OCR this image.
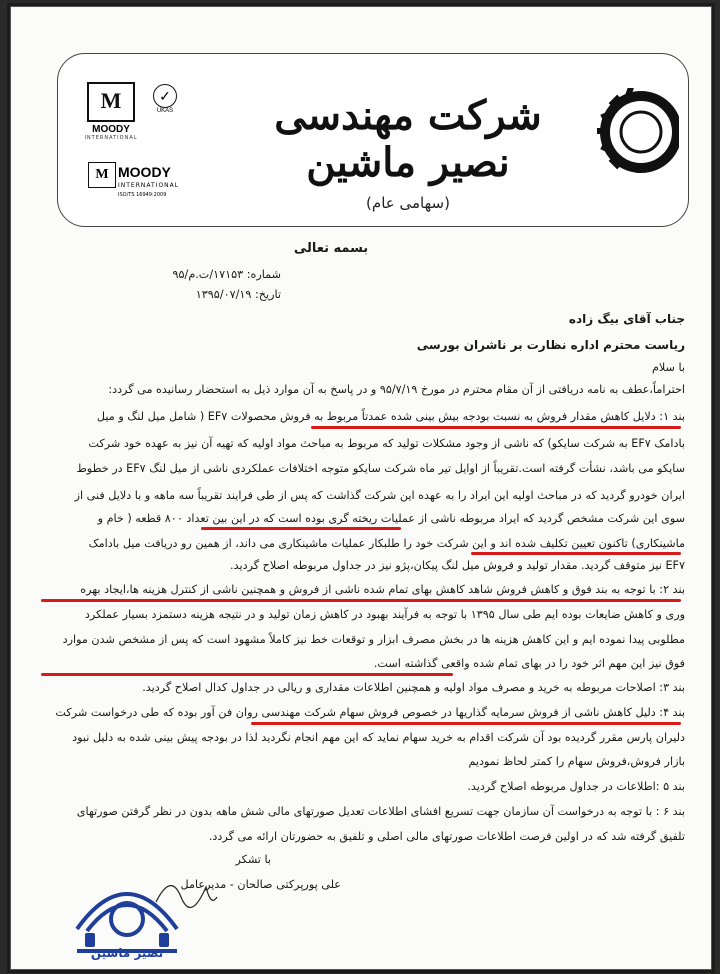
M
MOODY
INTERNATIONAL
✓
UKAS
M MOODY
INTERNATIONAL
ISO/TS 16949:2009
شرکت مهندسی نصیر ماشین
(سهامی عام)
بسمه تعالی
شماره: ۱۷۱۵۳/ت.م/۹۵
تاریخ: ۱۳۹۵/۰۷/۱۹
جناب آقای بیگ زاده
ریاست محترم اداره نظارت بر ناشران بورسی
با سلام
احتراماً،عطف به نامه دریافتی از آن مقام محترم در مورخ ۹۵/۷/۱۹ و در پاسخ به آن موارد ذیل به استحضار رسانیده می گردد:
بند ۱: دلایل کاهش مقدار فروش به نسبت بودجه بیش بینی شده عمدتاً مربوط به فروش محصولات EF۷ ( شامل میل لنگ و میل
بادامک EF۷ به شرکت سایکو) که ناشی از وجود مشکلات تولید که مربوط به مباحث مواد اولیه که تهیه آن نیز به عهده خود شرکت
سایکو می باشد، نشأت گرفته است.تقریباً از اوایل تیر ماه شرکت سایکو متوجه اختلافات عملکردی ناشی از میل لنگ EF۷ در خطوط
ایران خودرو گردید که در مباحث اولیه این ایراد را به عهده این شرکت گذاشت که پس از طی فرایند تقریباً سه ماهه و با دلایل فنی از
سوی این شرکت مشخص گردید که ایراد مربوطه ناشی از عملیات ریخته گری بوده است که در این بین تعداد ۸۰۰ قطعه ( خام و
ماشینکاری) تاکنون تعیین تکلیف شده اند و این شرکت خود را طلبکار عملیات ماشینکاری می داند، از همین رو دریافت میل بادامک
EF۷ نیز متوقف گردید. مقدار تولید و فروش میل لنگ پیکان،پژو نیز در جداول مربوطه اصلاح گردید.
بند ۲: با توجه به بند فوق و کاهش فروش شاهد کاهش بهای تمام شده ناشی از فروش و همچنین ناشی از کنترل هزینه ها،ایجاد بهره
وری و کاهش ضایعات بوده ایم طی سال ۱۳۹۵ با توجه به فرآیند بهبود در کاهش زمان تولید و در نتیجه هزینه دستمزد بسیار عملکرد
مطلوبی پیدا نموده ایم و این کاهش هزینه ها در بخش مصرف ابزار و توقعات خط نیز کاملاً مشهود است که پس از مشخص شدن موارد
فوق نیز این مهم اثر خود را در بهای تمام شده واقعی گذاشته است.
بند ۳: اصلاحات مربوطه به خرید و مصرف مواد اولیه و همچنین اطلاعات مقداری و ریالی در جداول کدال اصلاح گردید.
بند ۴: دلیل کاهش ناشی از فروش سرمایه گذاریها در خصوص فروش سهام شرکت مهندسی روان فن آور بوده که طی درخواست شرکت
دلیران پارس مقرر گردیده بود آن شرکت اقدام به خرید سهام نماید که این مهم انجام نگردید لذا در بودجه پیش بینی شده به دلیل نبود
بازار فروش،فروش سهام را کمتر لحاظ نمودیم
بند ۵ :اطلاعات در جداول مربوطه اصلاح گردید.
بند ۶ : با توجه به درخواست آن سازمان جهت تسریع افشای اطلاعات تعدیل صورتهای مالی شش ماهه بدون در نظر گرفتن صورتهای
تلفیق گرفته شد که در اولین فرصت اطلاعات صورتهای مالی اصلی و تلفیق به حضورتان ارائه می گردد.
با تشکر
علی پورپرکتی صالحان - مدیرعامل
نصیر ماشین
